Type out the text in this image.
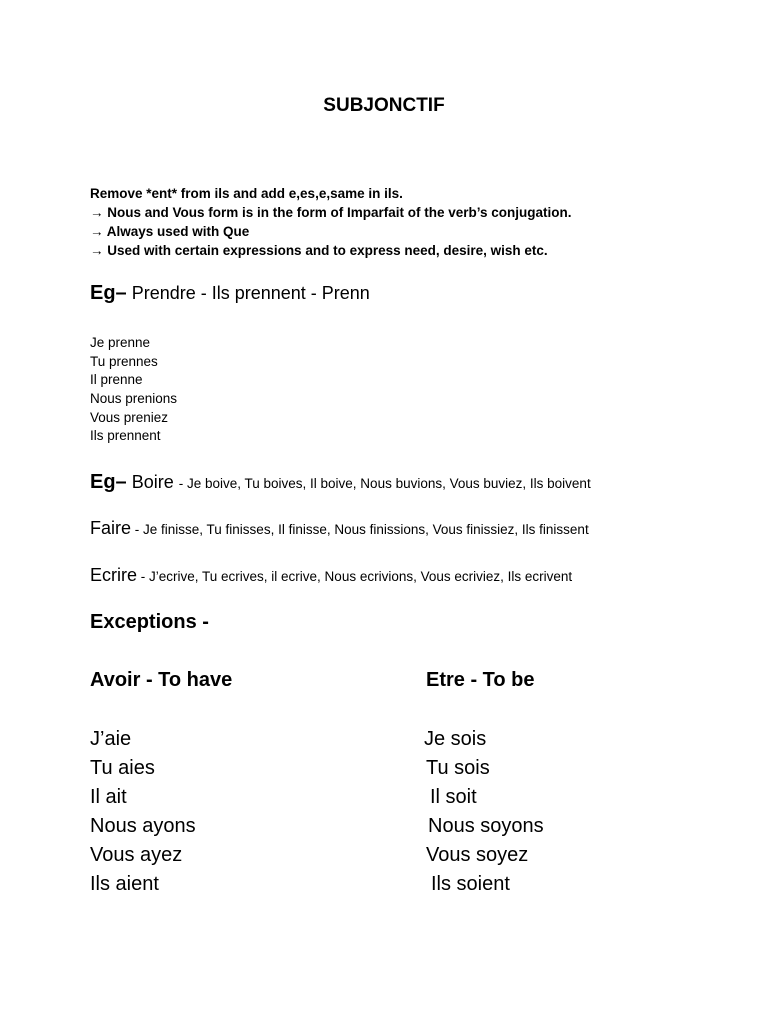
SUBJONCTIF
Remove *ent* from ils and add e,es,e,same in ils.
→ Nous and Vous form is in the form of Imparfait of the verb’s conjugation.
→ Always used with Que
→ Used with certain expressions and to express need, desire, wish etc.
Eg– Prendre - Ils prennent - Prenn
Je prenne
Tu prennes
Il prenne
Nous prenions
Vous preniez
Ils prennent
Eg– Boire - Je boive, Tu boives, Il boive, Nous buvions, Vous buviez, Ils boivent
Faire - Je finisse, Tu finisses, Il finisse, Nous finissions, Vous finissiez, Ils finissent
Ecrire - J’ecrive, Tu ecrives, il ecrive, Nous ecrivions, Vous ecriviez, Ils ecrivent
Exceptions -
Avoir - To have	Etre - To be
J’aie
Tu aies
Il ait
Nous ayons
Vous ayez
Ils aient
Je sois
Tu sois
Il soit
Nous soyons
Vous soyez
Ils soient
